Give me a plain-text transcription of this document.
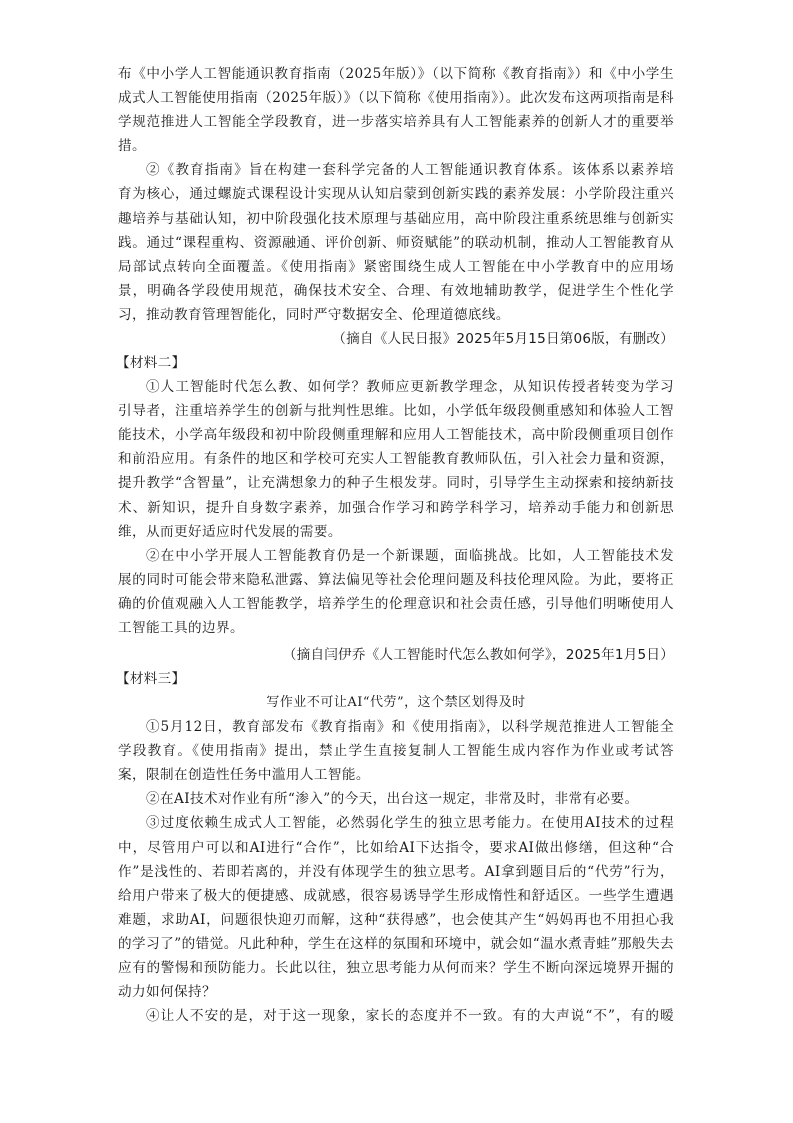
布《中小学人工智能通识教育指南（2025年版）》（以下简称《教育指南》）和《中小学生
成式人工智能使用指南（2025年版）》（以下简称《使用指南》）。此次发布这两项指南是科
学规范推进人工智能全学段教育，进一步落实培养具有人工智能素养的创新人才的重要举
措。
②《教育指南》旨在构建一套科学完备的人工智能通识教育体系。该体系以素养培
育为核心，通过螺旋式课程设计实现从认知启蒙到创新实践的素养发展：小学阶段注重兴
趣培养与基础认知，初中阶段强化技术原理与基础应用，高中阶段注重系统思维与创新实
践。通过“课程重构、资源融通、评价创新、师资赋能”的联动机制，推动人工智能教育从
局部试点转向全面覆盖。《使用指南》紧密围绕生成人工智能在中小学教育中的应用场
景，明确各学段使用规范，确保技术安全、合理、有效地辅助教学，促进学生个性化学
习，推动教育管理智能化，同时严守数据安全、伦理道德底线。
（摘自《人民日报》2025年5月15日第06版，有删改）
【材料二】
①人工智能时代怎么教、如何学？教师应更新教学理念，从知识传授者转变为学习
引导者，注重培养学生的创新与批判性思维。比如，小学低年级段侧重感知和体验人工智
能技术，小学高年级段和初中阶段侧重理解和应用人工智能技术，高中阶段侧重项目创作
和前沿应用。有条件的地区和学校可充实人工智能教育教师队伍，引入社会力量和资源，
提升教学“含智量”，让充满想象力的种子生根发芽。同时，引导学生主动探索和接纳新技
术、新知识，提升自身数字素养，加强合作学习和跨学科学习，培养动手能力和创新思
维，从而更好适应时代发展的需要。
②在中小学开展人工智能教育仍是一个新课题，面临挑战。比如，人工智能技术发
展的同时可能会带来隐私泄露、算法偏见等社会伦理问题及科技伦理风险。为此，要将正
确的价值观融入人工智能教学，培养学生的伦理意识和社会责任感，引导他们明晰使用人
工智能工具的边界。
（摘自闫伊乔《人工智能时代怎么教如何学》，2025年1月5日）
【材料三】
写作业不可让AI“代劳”，这个禁区划得及时
①5月12日，教育部发布《教育指南》和《使用指南》，以科学规范推进人工智能全
学段教育。《使用指南》提出，禁止学生直接复制人工智能生成内容作为作业或考试答
案，限制在创造性任务中滥用人工智能。
②在AI技术对作业有所“渗入”的今天，出台这一规定，非常及时，非常有必要。
③过度依赖生成式人工智能，必然弱化学生的独立思考能力。在使用AI技术的过程
中，尽管用户可以和AI进行“合作”，比如给AI下达指令，要求AI做出修缮，但这种“合
作”是浅性的、若即若离的，并没有体现学生的独立思考。AI拿到题目后的“代劳”行为，
给用户带来了极大的便捷感、成就感，很容易诱导学生形成惰性和舒适区。一些学生遭遇
难题，求助AI，问题很快迎刃而解，这种“获得感”，也会使其产生“妈妈再也不用担心我
的学习了”的错觉。凡此种种，学生在这样的氛围和环境中，就会如“温水煮青蛙”那般失去
应有的警惕和预防能力。长此以往，独立思考能力从何而来？学生不断向深远境界开掘的
动力如何保持？
④让人不安的是，对于这一现象，家长的态度并不一致。有的大声说“不”，有的暧
